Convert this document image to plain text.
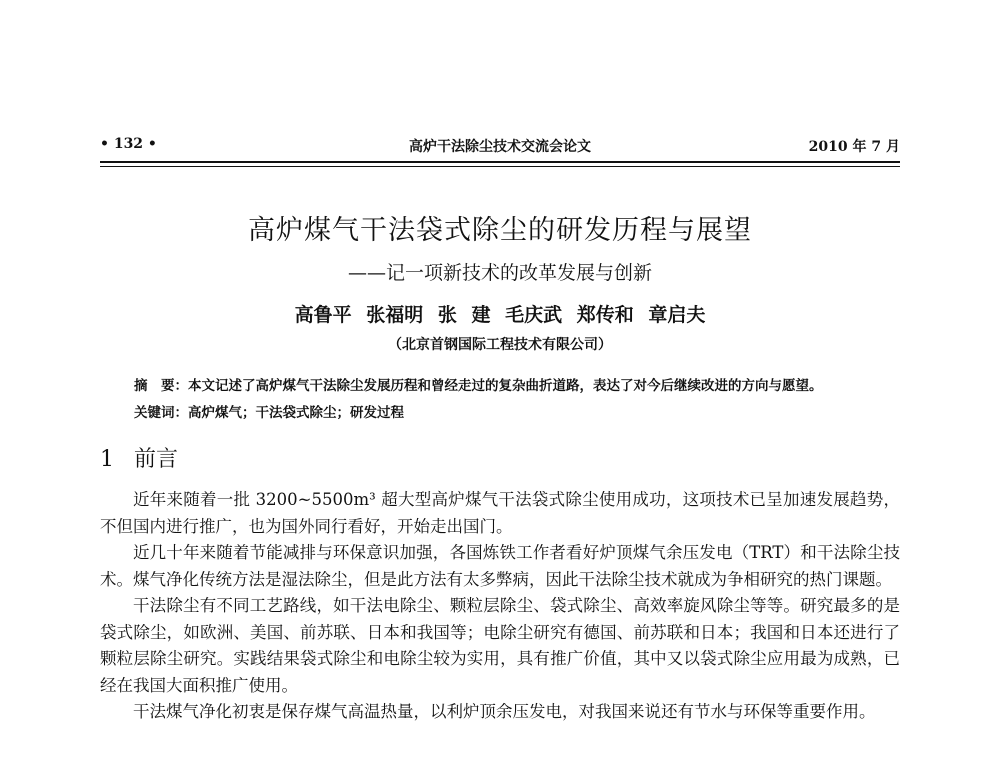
• 132 •	高炉干法除尘技术交流会论文	2010 年 7 月
高炉煤气干法袋式除尘的研发历程与展望
——记一项新技术的改革发展与创新
高鲁平 张福明 张 建 毛庆武 郑传和 章启夫
（北京首钢国际工程技术有限公司）
摘　要：本文记述了高炉煤气干法除尘发展历程和曾经走过的复杂曲折道路，表达了对今后继续改进的方向与愿望。
关键词：高炉煤气；干法袋式除尘；研发过程
1 前言

近年来随着一批 3200~5500m³ 超大型高炉煤气干法袋式除尘使用成功，这项技术已呈加速发展趋势，不但国内进行推广，也为国外同行看好，开始走出国门。

近几十年来随着节能减排与环保意识加强，各国炼铁工作者看好炉顶煤气余压发电（TRT）和干法除尘技术。煤气净化传统方法是湿法除尘，但是此方法有太多弊病，因此干法除尘技术就成为争相研究的热门课题。

干法除尘有不同工艺路线，如干法电除尘、颗粒层除尘、袋式除尘、高效率旋风除尘等等。研究最多的是袋式除尘，如欧洲、美国、前苏联、日本和我国等；电除尘研究有德国、前苏联和日本；我国和日本还进行了颗粒层除尘研究。实践结果袋式除尘和电除尘较为实用，具有推广价值，其中又以袋式除尘应用最为成熟，已经在我国大面积推广使用。

干法煤气净化初衷是保存煤气高温热量，以利炉顶余压发电，对我国来说还有节水与环保等重要作用。
